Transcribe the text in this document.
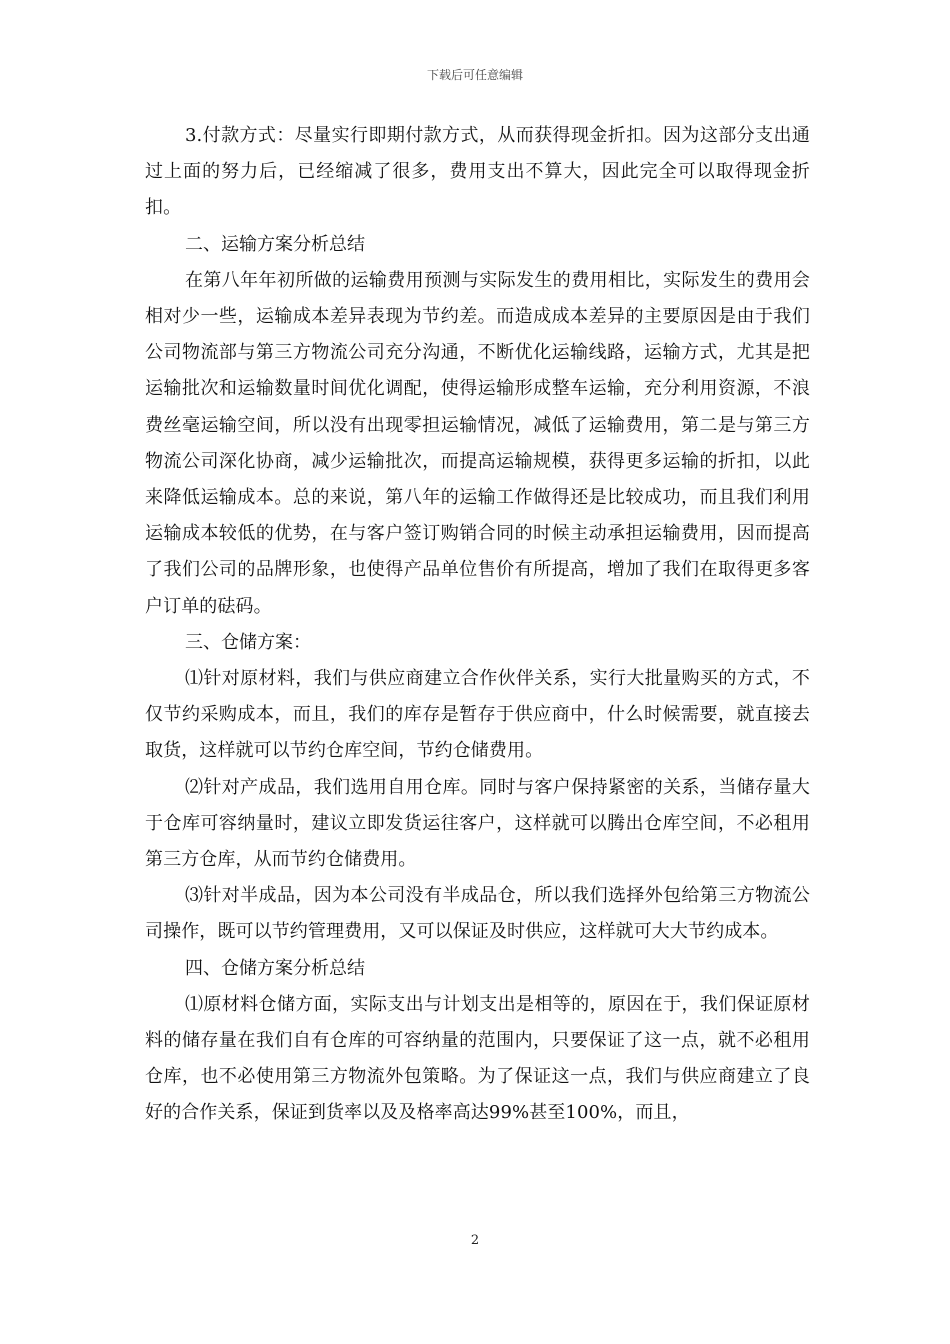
下载后可任意编辑

3.付款方式：尽量实行即期付款方式，从而获得现金折扣。因为这部分支出通过上面的努力后，已经缩减了很多，费用支出不算大，因此完全可以取得现金折扣。

二、运输方案分析总结

在第八年年初所做的运输费用预测与实际发生的费用相比，实际发生的费用会相对少一些，运输成本差异表现为节约差。而造成成本差异的主要原因是由于我们公司物流部与第三方物流公司充分沟通，不断优化运输线路，运输方式，尤其是把运输批次和运输数量时间优化调配，使得运输形成整车运输，充分利用资源，不浪费丝毫运输空间，所以没有出现零担运输情况，减低了运输费用，第二是与第三方物流公司深化协商，减少运输批次，而提高运输规模，获得更多运输的折扣，以此来降低运输成本。总的来说，第八年的运输工作做得还是比较成功，而且我们利用运输成本较低的优势，在与客户签订购销合同的时候主动承担运输费用，因而提高了我们公司的品牌形象，也使得产品单位售价有所提高，增加了我们在取得更多客户订单的砝码。

三、仓储方案：

⑴针对原材料，我们与供应商建立合作伙伴关系，实行大批量购买的方式，不仅节约采购成本，而且，我们的库存是暂存于供应商中，什么时候需要，就直接去取货，这样就可以节约仓库空间，节约仓储费用。

⑵针对产成品，我们选用自用仓库。同时与客户保持紧密的关系，当储存量大于仓库可容纳量时，建议立即发货运往客户，这样就可以腾出仓库空间，不必租用第三方仓库，从而节约仓储费用。

⑶针对半成品，因为本公司没有半成品仓，所以我们选择外包给第三方物流公司操作，既可以节约管理费用，又可以保证及时供应，这样就可大大节约成本。

四、仓储方案分析总结

⑴原材料仓储方面，实际支出与计划支出是相等的，原因在于，我们保证原材料的储存量在我们自有仓库的可容纳量的范围内，只要保证了这一点，就不必租用仓库，也不必使用第三方物流外包策略。为了保证这一点，我们与供应商建立了良好的合作关系，保证到货率以及及格率高达99%甚至100%，而且，

2
